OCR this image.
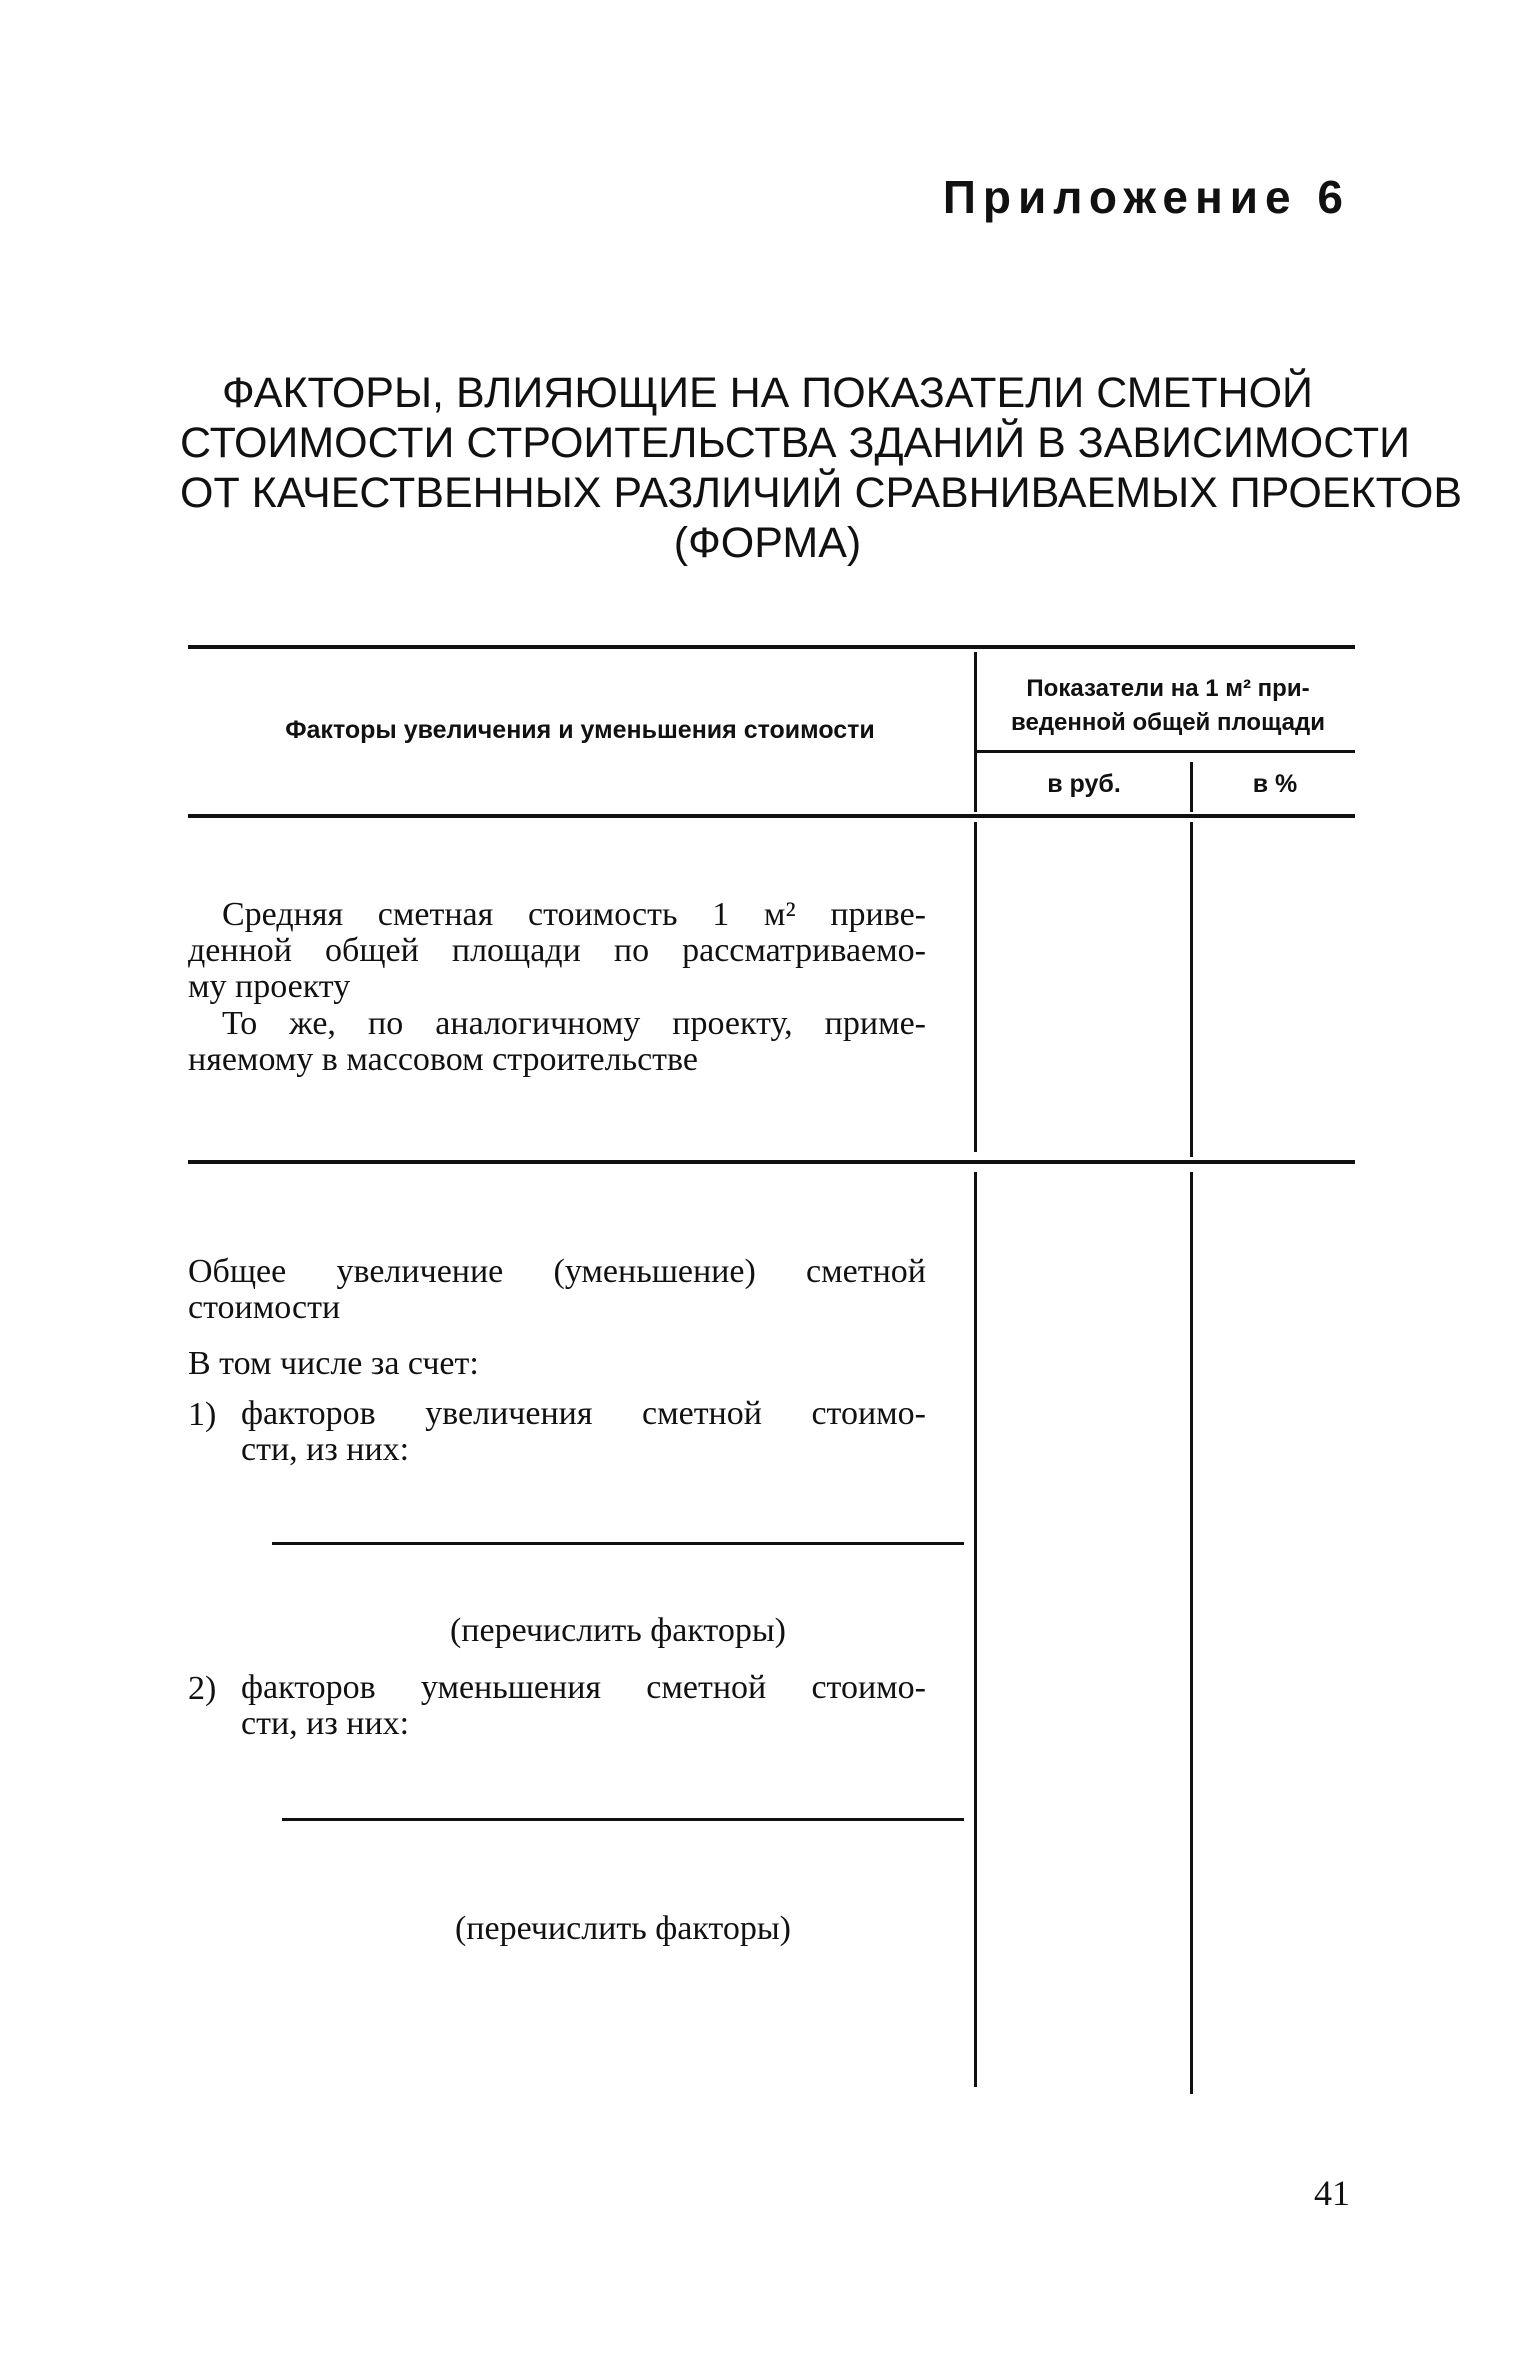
Приложение 6
ФАКТОРЫ, ВЛИЯЮЩИЕ НА ПОКАЗАТЕЛИ СМЕТНОЙ
СТОИМОСТИ СТРОИТЕЛЬСТВА ЗДАНИЙ В ЗАВИСИМОСТИ
ОТ КАЧЕСТВЕННЫХ РАЗЛИЧИЙ СРАВНИВАЕМЫХ ПРОЕКТОВ
(ФОРМА)
Факторы увеличения и уменьшения стоимости
Показатели на 1 м² при-
веденной общей площади
в руб.	в %
Средняя сметная стоимость 1 м² приве-
денной общей площади по рассматриваемо-
му проекту
То же, по аналогичному проекту, приме-
няемому в массовом строительстве
Общее увеличение (уменьшение) сметной
стоимости
В том числе за счет:
1) факторов увеличения сметной стоимо-
сти, из них:
(перечислить факторы)
2) факторов уменьшения сметной стоимо-
сти, из них:
(перечислить факторы)
41
